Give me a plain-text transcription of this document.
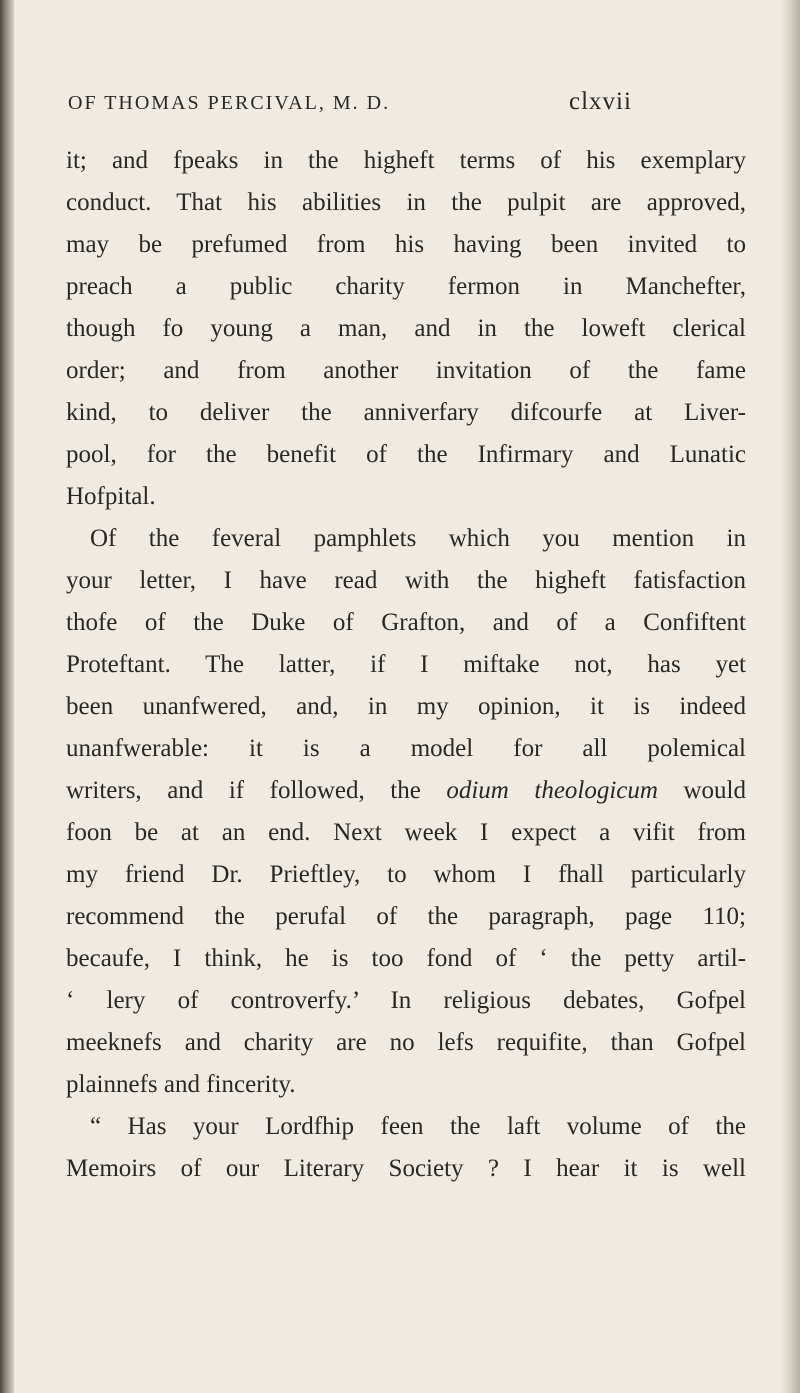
OF THOMAS PERCIVAL, M. D.	clxvii
it; and fpeaks in the higheft terms of his exemplary
conduct. That his abilities in the pulpit are approved,
may be prefumed from his having been invited to
preach a public charity fermon in Manchefter,
though fo young a man, and in the loweft clerical
order; and from another invitation of the fame
kind, to deliver the anniverfary difcourfe at Liver-
pool, for the benefit of the Infirmary and Lunatic
Hofpital.
Of the feveral pamphlets which you mention in
your letter, I have read with the higheft fatisfaction
thofe of the Duke of Grafton, and of a Confiftent
Proteftant. The latter, if I miftake not, has yet
been unanfwered, and, in my opinion, it is indeed
unanfwerable: it is a model for all polemical
writers, and if followed, the odium theologicum would
foon be at an end. Next week I expect a vifit from
my friend Dr. Prieftley, to whom I fhall particularly
recommend the perufal of the paragraph, page 110;
becaufe, I think, he is too fond of ‘ the petty artil-
‘ lery of controverfy.’ In religious debates, Gofpel
meeknefs and charity are no lefs requifite, than Gofpel
plainnefs and fincerity.
“ Has your Lordfhip feen the laft volume of the
Memoirs of our Literary Society ? I hear it is well
